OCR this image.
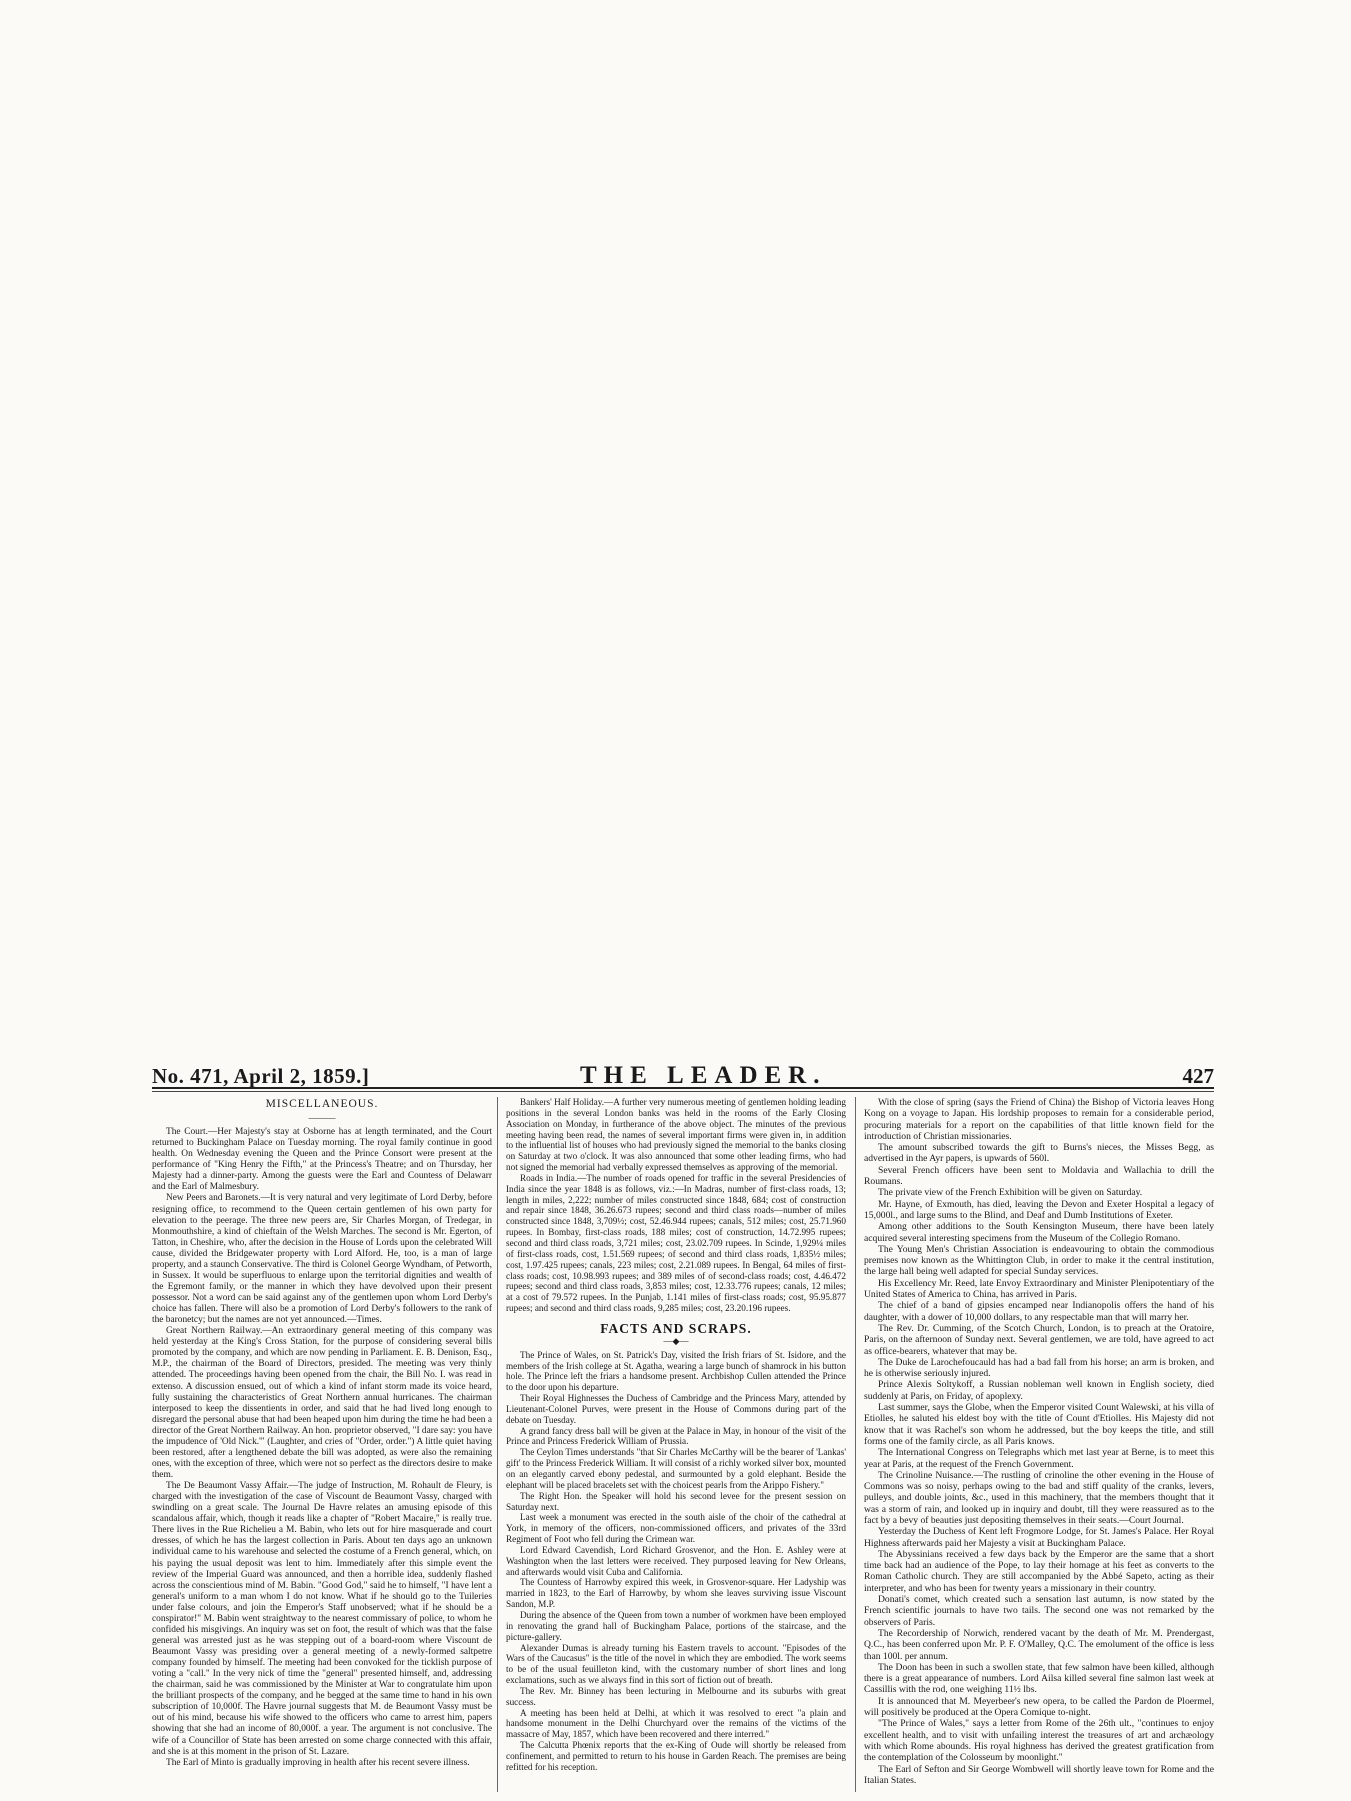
No. 471, April 2, 1859.]	THE LEADER.	427
MISCELLANEOUS.
———

The Court.—Her Majesty's stay at Osborne has at length terminated, and the Court returned to Buckingham Palace on Tuesday morning. The royal family continue in good health. On Wednesday evening the Queen and the Prince Consort were present at the performance of "King Henry the Fifth," at the Princess's Theatre; and on Thursday, her Majesty had a dinner-party. Among the guests were the Earl and Countess of Delawarr and the Earl of Malmesbury.

New Peers and Baronets.—It is very natural and very legitimate of Lord Derby, before resigning office, to recommend to the Queen certain gentlemen of his own party for elevation to the peerage. The three new peers are, Sir Charles Morgan, of Tredegar, in Monmouthshire, a kind of chieftain of the Welsh Marches. The second is Mr. Egerton, of Tatton, in Cheshire, who, after the decision in the House of Lords upon the celebrated Will cause, divided the Bridgewater property with Lord Alford. He, too, is a man of large property, and a staunch Conservative. The third is Colonel George Wyndham, of Petworth, in Sussex. It would be superfluous to enlarge upon the territorial dignities and wealth of the Egremont family, or the manner in which they have devolved upon their present possessor. Not a word can be said against any of the gentlemen upon whom Lord Derby's choice has fallen. There will also be a promotion of Lord Derby's followers to the rank of the baronetcy; but the names are not yet announced.—Times.

Great Northern Railway.—An extraordinary general meeting of this company was held yesterday at the King's Cross Station, for the purpose of considering several bills promoted by the company, and which are now pending in Parliament. E. B. Denison, Esq., M.P., the chairman of the Board of Directors, presided. The meeting was very thinly attended. The proceedings having been opened from the chair, the Bill No. I. was read in extenso. A discussion ensued, out of which a kind of infant storm made its voice heard, fully sustaining the characteristics of Great Northern annual hurricanes. The chairman interposed to keep the dissentients in order, and said that he had lived long enough to disregard the personal abuse that had been heaped upon him during the time he had been a director of the Great Northern Railway. An hon. proprietor observed, "I dare say: you have the impudence of 'Old Nick.'" (Laughter, and cries of "Order, order.") A little quiet having been restored, after a lengthened debate the bill was adopted, as were also the remaining ones, with the exception of three, which were not so perfect as the directors desire to make them.

The De Beaumont Vassy Affair.—The judge of Instruction, M. Rohault de Fleury, is charged with the investigation of the case of Viscount de Beaumont Vassy, charged with swindling on a great scale. The Journal De Havre relates an amusing episode of this scandalous affair, which, though it reads like a chapter of "Robert Macaire," is really true. There lives in the Rue Richelieu a M. Babin, who lets out for hire masquerade and court dresses, of which he has the largest collection in Paris. About ten days ago an unknown individual came to his warehouse and selected the costume of a French general, which, on his paying the usual deposit was lent to him. Immediately after this simple event the review of the Imperial Guard was announced, and then a horrible idea, suddenly flashed across the conscientious mind of M. Babin. "Good God," said he to himself, "I have lent a general's uniform to a man whom I do not know. What if he should go to the Tuileries under false colours, and join the Emperor's Staff unobserved; what if he should be a conspirator!" M. Babin went straightway to the nearest commissary of police, to whom he confided his misgivings. An inquiry was set on foot, the result of which was that the false general was arrested just as he was stepping out of a board-room where Viscount de Beaumont Vassy was presiding over a general meeting of a newly-formed saltpetre company founded by himself. The meeting had been convoked for the ticklish purpose of voting a "call." In the very nick of time the "general" presented himself, and, addressing the chairman, said he was commissioned by the Minister at War to congratulate him upon the brilliant prospects of the company, and he begged at the same time to hand in his own subscription of 10,000f. The Havre journal suggests that M. de Beaumont Vassy must be out of his mind, because his wife showed to the officers who came to arrest him, papers showing that she had an income of 80,000f. a year. The argument is not conclusive. The wife of a Councillor of State has been arrested on some charge connected with this affair, and she is at this moment in the prison of St. Lazare.

The Earl of Minto is gradually improving in health after his recent severe illness.

Bankers' Half Holiday.—A further very numerous meeting of gentlemen holding leading positions in the several London banks was held in the rooms of the Early Closing Association on Monday, in furtherance of the above object. The minutes of the previous meeting having been read, the names of several important firms were given in, in addition to the influential list of houses who had previously signed the memorial to the banks closing on Saturday at two o'clock. It was also announced that some other leading firms, who had not signed the memorial had verbally expressed themselves as approving of the memorial.

Roads in India.—The number of roads opened for traffic in the several Presidencies of India since the year 1848 is as follows, viz.:—In Madras, number of first-class roads, 13; length in miles, 2,222; number of miles constructed since 1848, 684; cost of construction and repair since 1848, 36.26.673 rupees; second and third class roads—number of miles constructed since 1848, 3,709½; cost, 52.46.944 rupees; canals, 512 miles; cost, 25.71.960 rupees. In Bombay, first-class roads, 188 miles; cost of construction, 14.72.995 rupees; second and third class roads, 3,721 miles; cost, 23.02.709 rupees. In Scinde, 1,929¼ miles of first-class roads, cost, 1.51.569 rupees; of second and third class roads, 1,835½ miles; cost, 1.97.425 rupees; canals, 223 miles; cost, 2.21.089 rupees. In Bengal, 64 miles of first-class roads; cost, 10.98.993 rupees; and 389 miles of of second-class roads; cost, 4.46.472 rupees; second and third class roads, 3,853 miles; cost, 12.33.776 rupees; canals, 12 miles; at a cost of 79.572 rupees. In the Punjab, 1.141 miles of first-class roads; cost, 95.95.877 rupees; and second and third class roads, 9,285 miles; cost, 23.20.196 rupees.

FACTS AND SCRAPS.
—◆—

The Prince of Wales, on St. Patrick's Day, visited the Irish friars of St. Isidore, and the members of the Irish college at St. Agatha, wearing a large bunch of shamrock in his button hole. The Prince left the friars a handsome present. Archbishop Cullen attended the Prince to the door upon his departure.

Their Royal Highnesses the Duchess of Cambridge and the Princess Mary, attended by Lieutenant-Colonel Purves, were present in the House of Commons during part of the debate on Tuesday.

A grand fancy dress ball will be given at the Palace in May, in honour of the visit of the Prince and Princess Frederick William of Prussia.

The Ceylon Times understands "that Sir Charles McCarthy will be the bearer of 'Lankas' gift' to the Princess Frederick William. It will consist of a richly worked silver box, mounted on an elegantly carved ebony pedestal, and surmounted by a gold elephant. Beside the elephant will be placed bracelets set with the choicest pearls from the Arippo Fishery."

The Right Hon. the Speaker will hold his second levee for the present session on Saturday next.

Last week a monument was erected in the south aisle of the choir of the cathedral at York, in memory of the officers, non-commissioned officers, and privates of the 33rd Regiment of Foot who fell during the Crimean war.

Lord Edward Cavendish, Lord Richard Grosvenor, and the Hon. E. Ashley were at Washington when the last letters were received. They purposed leaving for New Orleans, and afterwards would visit Cuba and California.

The Countess of Harrowby expired this week, in Grosvenor-square. Her Ladyship was married in 1823, to the Earl of Harrowby, by whom she leaves surviving issue Viscount Sandon, M.P.

During the absence of the Queen from town a number of workmen have been employed in renovating the grand hall of Buckingham Palace, portions of the staircase, and the picture-gallery.

Alexander Dumas is already turning his Eastern travels to account. "Episodes of the Wars of the Caucasus" is the title of the novel in which they are embodied. The work seems to be of the usual feuilleton kind, with the customary number of short lines and long exclamations, such as we always find in this sort of fiction out of breath.

The Rev. Mr. Binney has been lecturing in Melbourne and its suburbs with great success.

A meeting has been held at Delhi, at which it was resolved to erect "a plain and handsome monument in the Delhi Churchyard over the remains of the victims of the massacre of May, 1857, which have been recovered and there interred."

The Calcutta Phœnix reports that the ex-King of Oude will shortly be released from confinement, and permitted to return to his house in Garden Reach. The premises are being refitted for his reception.

With the close of spring (says the Friend of China) the Bishop of Victoria leaves Hong Kong on a voyage to Japan. His lordship proposes to remain for a considerable period, procuring materials for a report on the capabilities of that little known field for the introduction of Christian missionaries.

The amount subscribed towards the gift to Burns's nieces, the Misses Begg, as advertised in the Ayr papers, is upwards of 560l.

Several French officers have been sent to Moldavia and Wallachia to drill the Roumans.

The private view of the French Exhibition will be given on Saturday.

Mr. Hayne, of Exmouth, has died, leaving the Devon and Exeter Hospital a legacy of 15,000l., and large sums to the Blind, and Deaf and Dumb Institutions of Exeter.

Among other additions to the South Kensington Museum, there have been lately acquired several interesting specimens from the Museum of the Collegio Romano.

The Young Men's Christian Association is endeavouring to obtain the commodious premises now known as the Whittington Club, in order to make it the central institution, the large hall being well adapted for special Sunday services.

His Excellency Mr. Reed, late Envoy Extraordinary and Minister Plenipotentiary of the United States of America to China, has arrived in Paris.

The chief of a band of gipsies encamped near Indianopolis offers the hand of his daughter, with a dower of 10,000 dollars, to any respectable man that will marry her.

The Rev. Dr. Cumming, of the Scotch Church, London, is to preach at the Oratoire, Paris, on the afternoon of Sunday next. Several gentlemen, we are told, have agreed to act as office-bearers, whatever that may be.

The Duke de Larochefoucauld has had a bad fall from his horse; an arm is broken, and he is otherwise seriously injured.

Prince Alexis Soltykoff, a Russian nobleman well known in English society, died suddenly at Paris, on Friday, of apoplexy.

Last summer, says the Globe, when the Emperor visited Count Walewski, at his villa of Etiolles, he saluted his eldest boy with the title of Count d'Etiolles. His Majesty did not know that it was Rachel's son whom he addressed, but the boy keeps the title, and still forms one of the family circle, as all Paris knows.

The International Congress on Telegraphs which met last year at Berne, is to meet this year at Paris, at the request of the French Government.

The Crinoline Nuisance.—The rustling of crinoline the other evening in the House of Commons was so noisy, perhaps owing to the bad and stiff quality of the cranks, levers, pulleys, and double joints, &c., used in this machinery, that the members thought that it was a storm of rain, and looked up in inquiry and doubt, till they were reassured as to the fact by a bevy of beauties just depositing themselves in their seats.—Court Journal.

Yesterday the Duchess of Kent left Frogmore Lodge, for St. James's Palace. Her Royal Highness afterwards paid her Majesty a visit at Buckingham Palace.

The Abyssinians received a few days back by the Emperor are the same that a short time back had an audience of the Pope, to lay their homage at his feet as converts to the Roman Catholic church. They are still accompanied by the Abbé Sapeto, acting as their interpreter, and who has been for twenty years a missionary in their country.

Donati's comet, which created such a sensation last autumn, is now stated by the French scientific journals to have two tails. The second one was not remarked by the observers of Paris.

The Recordership of Norwich, rendered vacant by the death of Mr. M. Prendergast, Q.C., has been conferred upon Mr. P. F. O'Malley, Q.C. The emolument of the office is less than 100l. per annum.

The Doon has been in such a swollen state, that few salmon have been killed, although there is a great appearance of numbers. Lord Ailsa killed several fine salmon last week at Cassillis with the rod, one weighing 11½ lbs.

It is announced that M. Meyerbeer's new opera, to be called the Pardon de Ploermel, will positively be produced at the Opera Comique to-night.

"The Prince of Wales," says a letter from Rome of the 26th ult., "continues to enjoy excellent health, and to visit with unfailing interest the treasures of art and archæology with which Rome abounds. His royal highness has derived the greatest gratification from the contemplation of the Colosseum by moonlight."

The Earl of Sefton and Sir George Wombwell will shortly leave town for Rome and the Italian States.
